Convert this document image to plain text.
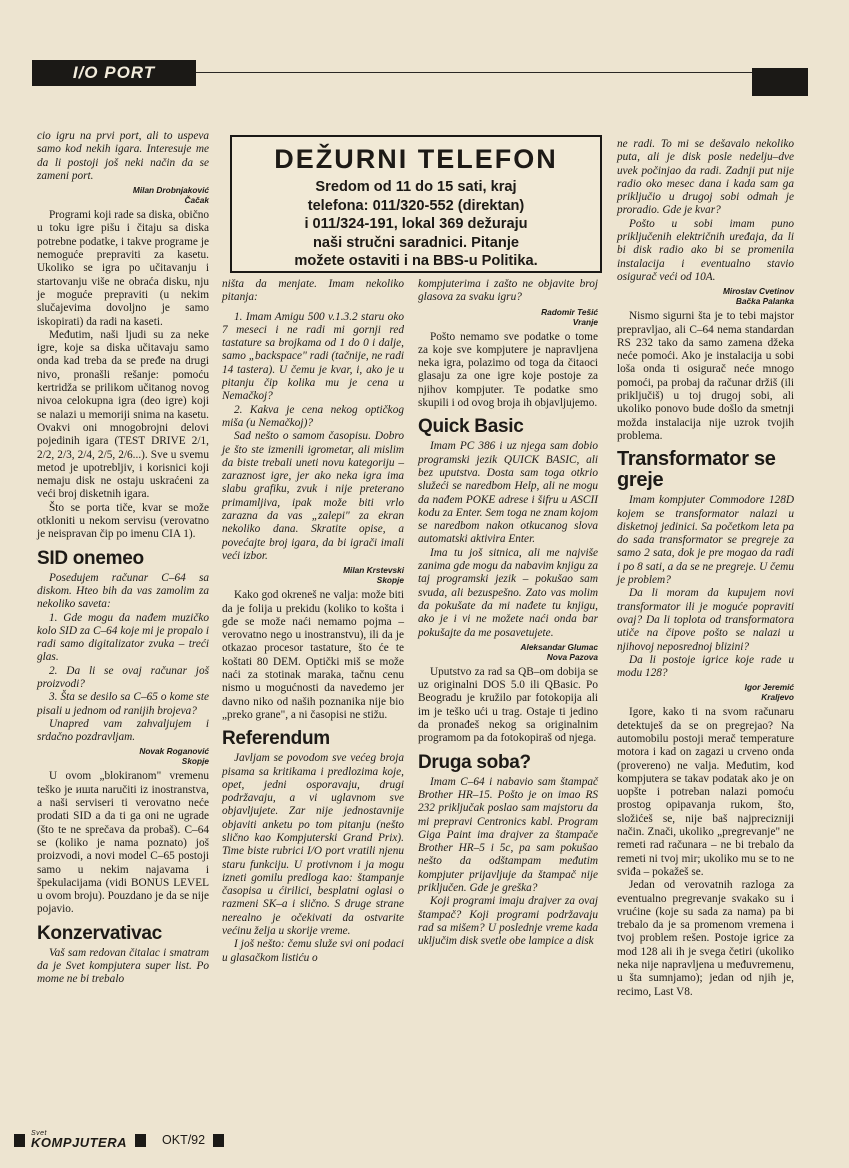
I/O PORT
DEŽURNI TELEFON
Sredom od 11 do 15 sati, kraj
telefona: 011/320-552 (direktan)
i 011/324-191, lokal 369 dežuraju
naši stručni saradnici. Pitanje
možete ostaviti i na BBS-u Politika.

cio igru na prvi port, ali to uspeva samo kod nekih igara. Interesuje me da li postoji još neki način da se zameni port.

Milan Drobnjaković
Čačak

Programi koji rade sa diska, obično u toku igre pišu i čitaju sa diska potrebne podatke, i takve programe je nemoguće prepraviti za kasetu. Ukoliko se igra po učitavanju i startovanju više ne obraća disku, nju je moguće prepraviti (u nekim slučajevima dovoljno je samo iskopirati) da radi na kaseti.

Međutim, naši ljudi su za neke igre, koje sa diska učitavaju samo onda kad treba da se pređe na drugi nivo, pronašli rešanje: pomoću kertridža se prilikom učitanog novog nivoa celokupna igra (deo igre) koji se nalazi u memoriji snima na kasetu. Ovakvi oni mnogobrojni delovi pojedinih igara (TEST DRIVE 2/1, 2/2, 2/3, 2/4, 2/5, 2/6...). Sve u svemu metod je upotrebljiv, i korisnici koji nemaju disk ne ostaju uskraćeni za veći broj disketnih igara.

Što se porta tiče, kvar se može otkloniti u nekom servisu (verovatno je neispravan čip po imenu CIA 1).

SID onemeo

Posedujem računar C–64 sa diskom. Hteo bih da vas zamolim za nekoliko saveta:

1. Gde mogu da nađem muzičko kolo SID za C–64 koje mi je propalo i radi samo digitalizator zvuka – treći glas.

2. Da li se ovaj računar još proizvodi?

3. Šta se desilo sa C–65 o kome ste pisali u jednom od ranijih brojeva?

Unapred vam zahvaljujem i srdačno pozdravljam.

Novak Roganović
Skopje

U ovom „blokiranom" vremenu teško je ишta naručiti iz inostranstva, a naši serviseri ti verovatno neće prodati SID a da ti ga oni ne ugrade (što te ne sprečava da probaš). C–64 se (koliko je nama poznato) još proizvodi, a novi model C–65 postoji samo u nekim najavama i špekulacijama (vidi BONUS LEVEL u ovom broju). Pouzdano je da se nije pojavio.

Konzervativac

Vaš sam redovan čitalac i smatram da je Svet kompjutera super list. Po mome ne bi trebalo

ništa da menjate. Imam nekoliko pitanja:

1. Imam Amigu 500 v.1.3.2 staru oko 7 meseci i ne radi mi gornji red tastature sa brojkama od 1 do 0 i dalje, samo „backspace" radi (tačnije, ne radi 14 tastera). U čemu je kvar, i, ako je u pitanju čip kolika mu je cena u Nemačkoj?

2. Kakva je cena nekog optičkog miša (u Nemačkoj)?

Sad nešto o samom časopisu. Dobro je što ste izmenili igrometar, ali mislim da biste trebali uneti novu kategoriju – zaraznost igre, jer ako neka igra ima slabu grafiku, zvuk i nije preterano primamljiva, ipak može biti vrlo zarazna da vas „zalepi" za ekran nekoliko dana. Skratite opise, a povećajte broj igara, da bi igrači imali veći izbor.

Milan Krstevski
Skopje

Kako god okreneš ne valja: može biti da je folija u prekidu (koliko to košta i gde se može naći nemamo pojma – verovatno nego u inostranstvu), ili da je otkazao procesor tastature, što će te koštati 80 DEM. Optički miš se može naći za stotinak maraka, tačnu cenu nismo u mogućnosti da navedemo jer davno niko od naših poznanika nije bio „preko grane", a ni časopisi ne stižu.

Referendum

Javljam se povodom sve većeg broja pisama sa kritikama i predlozima koje, opet, jedni osporavaju, drugi podržavaju, a vi uglavnom sve objavljujete. Zar nije jednostavnije objaviti anketu po tom pitanju (nešto slično kao Kompjuterski Grand Prix). Time biste rubrici I/O port vratili njenu staru funkciju. U protivnom i ja mogu izneti gomilu predloga kao: štampanje časopisa u ćirilici, besplatni oglasi o razmeni SK–a i slično. S druge strane nerealno je očekivati da ostvarite većinu želja u skorije vreme.

I još nešto: čemu služe svi oni podaci u glasačkom listiću o

kompjuterima i zašto ne objavite broj glasova za svaku igru?

Radomir Tešić
Vranje

Pošto nemamo sve podatke o tome za koje sve kompjutere je napravljena neka igra, polazimo od toga da čitaoci glasaju za one igre koje postoje za njihov kompjuter. Te podatke smo skupili i od ovog broja ih objavljujemo.

Quick Basic

Imam PC 386 i uz njega sam dobio programski jezik QUICK BASIC, ali bez uputstva. Dosta sam toga otkrio služeći se naredbom Help, ali ne mogu da nađem POKE adrese i šifru u ASCII kodu za Enter. Sem toga ne znam kojom se naredbom nakon otkucanog slova automatski aktivira Enter.

Ima tu još sitnica, ali me najviše zanima gde mogu da nabavim knjigu za taj programski jezik – pokušao sam svuda, ali bezuspešno. Zato vas molim da pokušate da mi nađete tu knjigu, ako je i vi ne možete naći onda bar pokušajte da me posavetujete.

Aleksandar Glumac
Nova Pazova

Uputstvo za rad sa QB–om dobija se uz originalni DOS 5.0 ili QBasic. Po Beogradu je kružilo par fotokopija ali im je teško ući u trag. Ostaje ti jedino da pronađeš nekog sa originalnim programom pa da fotokopiraš od njega.

Druga soba?

Imam C–64 i nabavio sam štampač Brother HR–15. Pošto je on imao RS 232 priključak poslao sam majstoru da mi prepravi Centronics kabl. Program Giga Paint ima drajver za štampače Brother HR–5 i 5c, pa sam pokušao nešto da odštampam međutim kompjuter prijavljuje da štampač nije priključen. Gde je greška?

Koji programi imaju drajver za ovaj štampač? Koji programi podržavaju rad sa mišem? U poslednje vreme kada uključim disk svetle obe lampice a disk

ne radi. To mi se dešavalo nekoliko puta, ali je disk posle nedelju–dve uvek počinjao da radi. Zadnji put nije radio oko mesec dana i kada sam ga priključio u drugoj sobi odmah je proradio. Gde je kvar?

Pošto u sobi imam puno priključenih električnih uređaja, da li bi disk radio ako bi se promenila instalacija i eventualno stavio osigurač veći od 10A.

Miroslav Cvetinov
Bačka Palanka

Nismo sigurni šta je to tebi majstor prepravljao, ali C–64 nema standardan RS 232 tako da samo zamena džeka neće pomoći. Ako je instalacija u sobi loša onda ti osigurač neće mnogo pomoći, pa probaj da računar držiš (ili priključiš) u toj drugoj sobi, ali ukoliko ponovo bude došlo da smetnji možda instalacija nije uzrok tvojih problema.

Transformator se greje

Imam kompjuter Commodore 128D kojem se transformator nalazi u disketnoj jedinici. Sa početkom leta pa do sada transformator se pregreje za samo 2 sata, dok je pre mogao da radi i po 8 sati, a da se ne pregreje. U čemu je problem?

Da li moram da kupujem novi transformator ili je moguće popraviti ovaj? Da li toplota od transformatora utiče na čipove pošto se nalazi u njihovoj neposrednoj blizini?

Da li postoje igrice koje rade u modu 128?

Igor Jeremić
Kraljevo

Igore, kako ti na svom računaru detektuješ da se on pregrejao? Na automobilu postoji merač temperature motora i kad on zagazi u crveno onda (provereno) ne valja. Međutim, kod kompjutera se takav podatak ako je on uopšte i potreban nalazi pomoću prostog opipavanja rukom, što, složićeš se, nije baš najprecizniji način. Znači, ukoliko „pregrevanje" ne remeti rad računara – ne bi trebalo da remeti ni tvoj mir; ukoliko mu se to ne sviđa – pokažeš se.

Jedan od verovatnih razloga za eventualno pregrevanje svakako su i vrućine (koje su sada za nama) pa bi trebalo da je sa promenom vremena i tvoj problem rešen. Postoje igrice za mod 128 ali ih je svega četiri (ukoliko neka nije napravljena u međuvremenu, u šta sumnjamo); jedan od njih je, recimo, Last V8.

Svet
KOMPJUTERA	OKT/92
